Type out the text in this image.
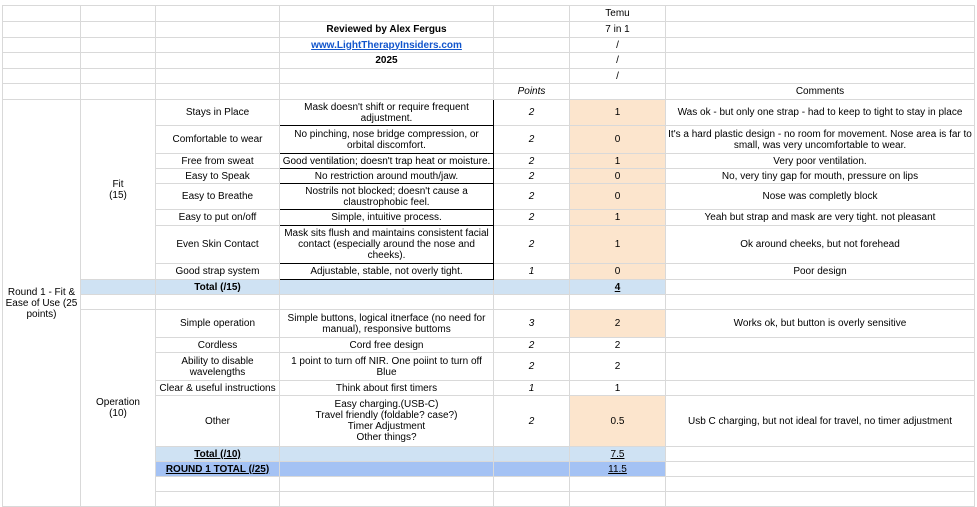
					Temu	
			Reviewed by Alex Fergus		7 in 1	
			www.LightTherapyInsiders.com		/	
			2025		/	
					/	
				Points		Comments
Round 1 - Fit & Ease of Use (25 points)	Fit
(15)	Stays in Place	Mask doesn't shift or require frequent adjustment.	2	1	Was ok - but only one strap - had to keep to tight to stay in place
		Comfortable to wear	No pinching, nose bridge compression, or orbital discomfort.	2	0	It's a hard plastic design - no room for movement. Nose area is far to small, was very uncomfortable to wear.
		Free from sweat	Good ventilation; doesn't trap heat or moisture.	2	1	Very poor ventilation.
		Easy to Speak	No restriction around mouth/jaw.	2	0	No, very tiny gap for mouth, pressure on lips
		Easy to Breathe	Nostrils not blocked; doesn't cause a claustrophobic feel.	2	0	Nose was completly block
		Easy to put on/off	Simple, intuitive process.	2	1	Yeah but strap and mask are very tight. not pleasant
		Even Skin Contact	Mask sits flush and maintains consistent facial contact (especially around the nose and cheeks).	2	1	Ok around cheeks, but not forehead
		Good strap system	Adjustable, stable, not overly tight.	1	0	Poor design
		Total (/15)			4	

	Operation
(10)	Simple operation	Simple buttons, logical itnerface (no need for manual), responsive buttoms	3	2	Works ok, but button is overly sensitive
		Cordless	Cord free design	2	2	
		Ability to disable wavelengths	1 point to turn off NIR. One poiint to turn off Blue	2	2	
		Clear & useful instructions	Think about first timers	1	1	
		Other	Easy charging.(USB-C)
Travel friendly (foldable? case?)
Timer Adjustment
Other things?	2	0.5	Usb C charging, but not ideal for travel, no timer adjustment
		Total (/10)			7.5	
		ROUND 1 TOTAL (/25)			11.5	
